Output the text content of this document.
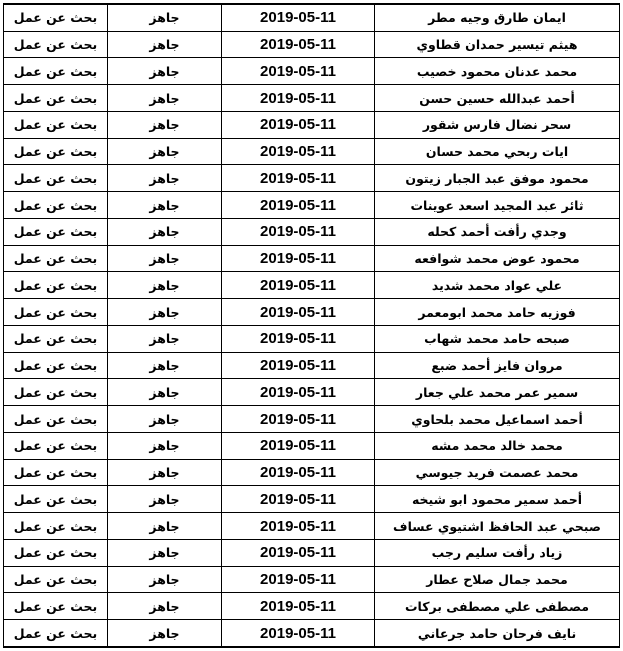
ايمان طارق وجيه مطر	2019-05-11	جاهز	بحث عن عمل
هيثم تيسير حمدان قطاوي	2019-05-11	جاهز	بحث عن عمل
محمد عدنان محمود خصيب	2019-05-11	جاهز	بحث عن عمل
أحمد عبدالله حسين حسن	2019-05-11	جاهز	بحث عن عمل
سحر نضال فارس شقور	2019-05-11	جاهز	بحث عن عمل
ايات ربحي محمد حسان	2019-05-11	جاهز	بحث عن عمل
محمود موفق عبد الجبار زيتون	2019-05-11	جاهز	بحث عن عمل
ثائر عبد المجيد اسعد عوينات	2019-05-11	جاهز	بحث عن عمل
وجدي رأفت أحمد كحله	2019-05-11	جاهز	بحث عن عمل
محمود عوض محمد شوافعه	2019-05-11	جاهز	بحث عن عمل
علي عواد محمد شديد	2019-05-11	جاهز	بحث عن عمل
فوزيه حامد محمد ابومعمر	2019-05-11	جاهز	بحث عن عمل
صبحه حامد محمد شهاب	2019-05-11	جاهز	بحث عن عمل
مروان فايز أحمد ضبع	2019-05-11	جاهز	بحث عن عمل
سمير عمر محمد علي جعار	2019-05-11	جاهز	بحث عن عمل
أحمد اسماعيل محمد بلحاوي	2019-05-11	جاهز	بحث عن عمل
محمد خالد محمد مشه	2019-05-11	جاهز	بحث عن عمل
محمد عصمت فريد جيوسي	2019-05-11	جاهز	بحث عن عمل
أحمد سمير محمود ابو شيخه	2019-05-11	جاهز	بحث عن عمل
صبحي عبد الحافظ اشتيوي عساف	2019-05-11	جاهز	بحث عن عمل
زياد رأفت سليم رجب	2019-05-11	جاهز	بحث عن عمل
محمد جمال صلاح عطار	2019-05-11	جاهز	بحث عن عمل
مصطفى علي مصطفى بركات	2019-05-11	جاهز	بحث عن عمل
نايف فرحان حامد جرعاني	2019-05-11	جاهز	بحث عن عمل
